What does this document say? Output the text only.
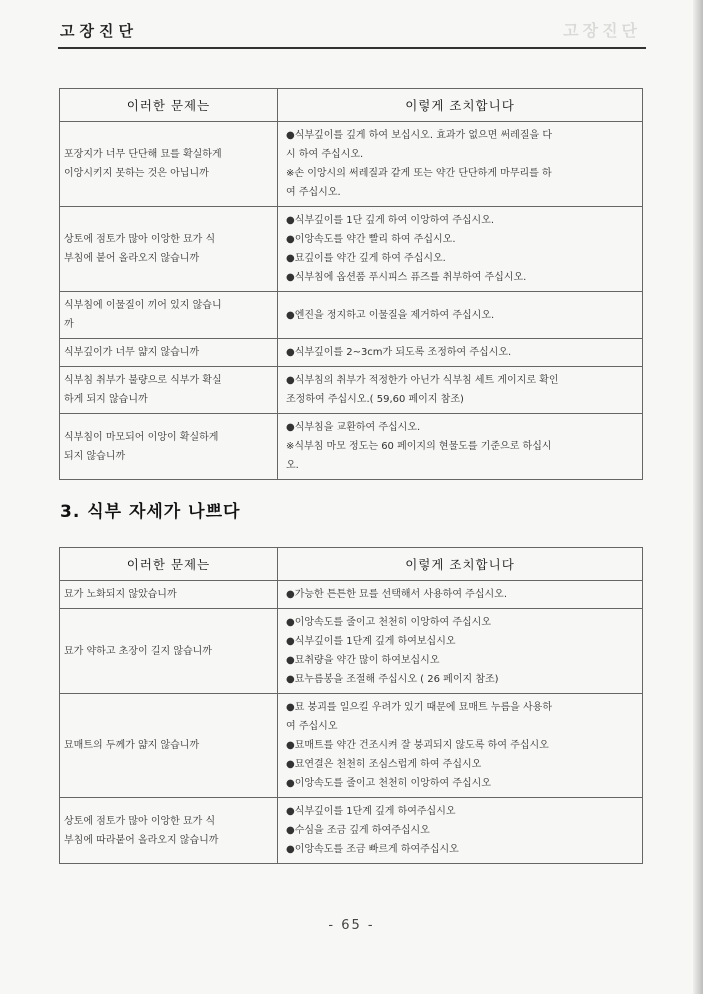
고장진단
고장진단
이러한 문제는	이렇게 조치합니다

포장지가 너무 단단해 묘를 확실하게
이앙시키지 못하는 것은 아닙니까	●식부깊이를 깊게 하여 보십시오. 효과가 없으면 써레질을 다
시 하여 주십시오.
※손 이앙시의 써레질과 같게 또는 약간 단단하게 마무리를 하
여 주십시오.

상토에 점토가 많아 이앙한 묘가 식
부침에 붙어 올라오지 않습니까	●식부깊이를 1단 깊게 하여 이앙하여 주십시오.
●이앙속도를 약간 빨리 하여 주십시오.
●묘깊이를 약간 깊게 하여 주십시오.
●식부침에 옵션품 푸시피스 퓨즈를 취부하여 주십시오.

식부침에 이물질이 끼어 있지 않습니
까	●엔진을 정지하고 이물질을 제거하여 주십시오.

식부깊이가 너무 얇지 않습니까	●식부깊이를 2~3cm가 되도록 조정하여 주십시오.

식부침 취부가 불량으로 식부가 확실
하게 되지 않습니까	●식부침의 취부가 적정한가 아닌가 식부침 세트 게이지로 확인
조정하여 주십시오.( 59,60 페이지 참조)

식부침이 마모되어 이앙이 확실하게
되지 않습니까	●식부침을 교환하여 주십시오.
※식부침 마모 정도는 60 페이지의 현물도를 기준으로 하십시
오.
3. 식부 자세가 나쁘다
이러한 문제는	이렇게 조치합니다

묘가 노화되지 않았습니까	●가능한 튼튼한 묘를 선택해서 사용하여 주십시오.

묘가 약하고 초장이 길지 않습니까	●이앙속도를 줄이고 천천히 이앙하여 주십시오
●식부깊이를 1단계 깊게 하여보십시오
●묘취량을 약간 많이 하여보십시오
●묘누름봉을 조절해 주십시오 ( 26 페이지 참조)

묘매트의 두께가 얇지 않습니까	●묘 붕괴를 일으킬 우려가 있기 때문에 묘매트 누름을 사용하
여 주십시오
●묘매트를 약간 건조시켜 잘 붕괴되지 않도록 하여 주십시오
●묘연결은 천천히 조심스럽게 하여 주십시오
●이앙속도를 줄이고 천천히 이앙하여 주십시오

상토에 점토가 많아 이앙한 묘가 식
부침에 따라붙어 올라오지 않습니까	●식부깊이를 1단계 깊게 하여주십시오
●수심을 조금 깊게 하여주십시오
●이앙속도를 조금 빠르게 하여주십시오
- 65 -
